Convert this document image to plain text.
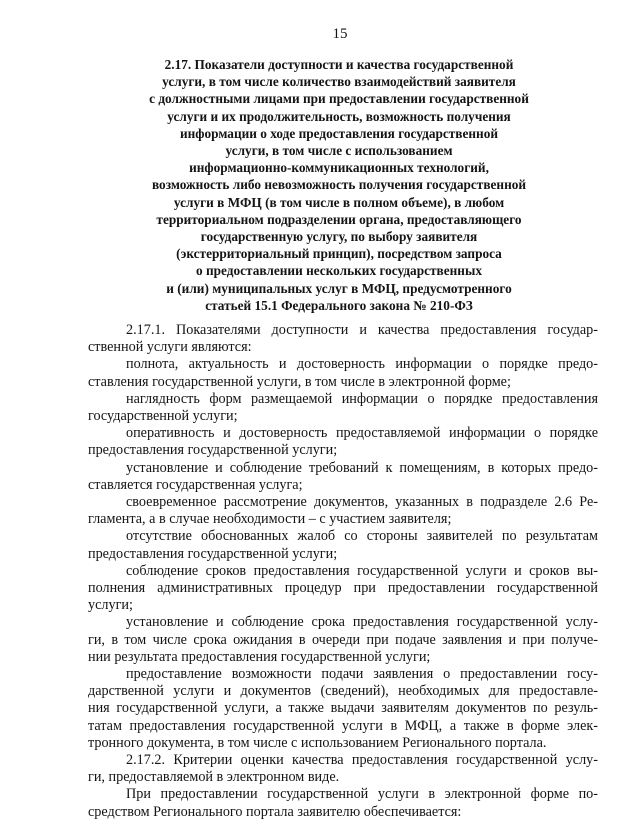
15
2.17. Показатели доступности и качества государственной
услуги, в том числе количество взаимодействий заявителя
с должностными лицами при предоставлении государственной
услуги и их продолжительность, возможность получения
информации о ходе предоставления государственной
услуги, в том числе с использованием
информационно-коммуникационных технологий,
возможность либо невозможность получения государственной
услуги в МФЦ (в том числе в полном объеме), в любом
территориальном подразделении органа, предоставляющего
государственную услугу, по выбору заявителя
(экстерриториальный принцип), посредством запроса
о предоставлении нескольких государственных
и (или) муниципальных услуг в МФЦ, предусмотренного
статьей 15.1 Федерального закона № 210-ФЗ
2.17.1. Показателями доступности и качества предоставления государ-
ственной услуги являются:
полнота, актуальность и достоверность информации о порядке предо-
ставления государственной услуги, в том числе в электронной форме;
наглядность форм размещаемой информации о порядке предоставления
государственной услуги;
оперативность и достоверность предоставляемой информации о порядке
предоставления государственной услуги;
установление и соблюдение требований к помещениям, в которых предо-
ставляется государственная услуга;
своевременное рассмотрение документов, указанных в подразделе 2.6 Ре-
гламента, а в случае необходимости – с участием заявителя;
отсутствие обоснованных жалоб со стороны заявителей по результатам
предоставления государственной услуги;
соблюдение сроков предоставления государственной услуги и сроков вы-
полнения административных процедур при предоставлении государственной
услуги;
установление и соблюдение срока предоставления государственной услу-
ги, в том числе срока ожидания в очереди при подаче заявления и при получе-
нии результата предоставления государственной услуги;
предоставление возможности подачи заявления о предоставлении госу-
дарственной услуги и документов (сведений), необходимых для предоставле-
ния государственной услуги, а также выдачи заявителям документов по резуль-
татам предоставления государственной услуги в МФЦ, а также в форме элек-
тронного документа, в том числе с использованием Регионального портала.
2.17.2. Критерии оценки качества предоставления государственной услу-
ги, предоставляемой в электронном виде.
При предоставлении государственной услуги в электронной форме по-
средством Регионального портала заявителю обеспечивается:
